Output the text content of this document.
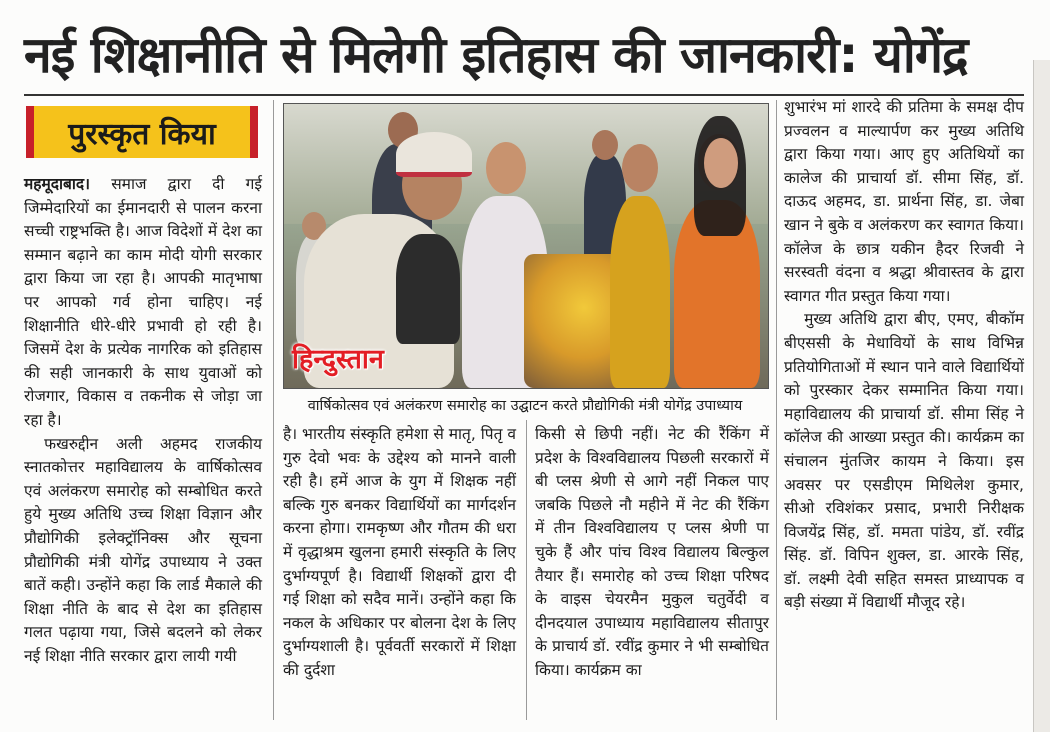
नई शिक्षानीति से मिलेगी इतिहास की जानकारी: योगेंद्र
पुरस्कृत किया

महमूदाबाद। समाज द्वारा दी गई जिम्मेदारियों का ईमानदारी से पालन करना सच्ची राष्ट्रभक्ति है। आज विदेशों में देश का सम्मान बढ़ाने का काम मोदी योगी सरकार द्वारा किया जा रहा है। आपकी मातृभाषा पर आपको गर्व होना चाहिए। नई शिक्षानीति धीरे-धीरे प्रभावी हो रही है। जिसमें देश के प्रत्येक नागरिक को इतिहास की सही जानकारी के साथ युवाओं को रोजगार, विकास व तकनीक से जोड़ा जा रहा है।

फखरुद्दीन अली अहमद राजकीय स्नातकोत्तर महाविद्यालय के वार्षिकोत्सव एवं अलंकरण समारोह को सम्बोधित करते हुये मुख्य अतिथि उच्च शिक्षा विज्ञान और प्रौद्योगिकी इलेक्ट्रॉनिक्स और सूचना प्रौद्योगिकी मंत्री योगेंद्र उपाध्याय ने उक्त बातें कही। उन्होंने कहा कि लार्ड मैकाले की शिक्षा नीति के बाद से देश का इतिहास गलत पढ़ाया गया, जिसे बदलने को लेकर नई शिक्षा नीति सरकार द्वारा लायी गयी

हिन्दुस्तान
वार्षिकोत्सव एवं अलंकरण समारोह का उद्घाटन करते प्रौद्योगिकी मंत्री योगेंद्र उपाध्याय

है। भारतीय संस्कृति हमेशा से मातृ, पितृ व गुरु देवो भवः के उद्देश्य को मानने वाली रही है। हमें आज के युग में शिक्षक नहीं बल्कि गुरु बनकर विद्यार्थियों का मार्गदर्शन करना होगा। रामकृष्ण और गौतम की धरा में वृद्धाश्रम खुलना हमारी संस्कृति के लिए दुर्भाग्यपूर्ण है। विद्यार्थी शिक्षकों द्वारा दी गई शिक्षा को सदैव मानें। उन्होंने कहा कि नकल के अधिकार पर बोलना देश के लिए दुर्भाग्यशाली है। पूर्ववर्ती सरकारों में शिक्षा की दुर्दशा

किसी से छिपी नहीं। नेट की रैंकिंग में प्रदेश के विश्वविद्यालय पिछली सरकारों में बी प्लस श्रेणी से आगे नहीं निकल पाए जबकि पिछले नौ महीने में नेट की रैंकिंग में तीन विश्वविद्यालय ए प्लस श्रेणी पा चुके हैं और पांच विश्व विद्यालय बिल्कुल तैयार हैं। समारोह को उच्च शिक्षा परिषद के वाइस चेयरमैन मुकुल चतुर्वेदी व दीनदयाल उपाध्याय महाविद्यालय सीतापुर के प्राचार्य डॉ. रवींद्र कुमार ने भी सम्बोधित किया। कार्यक्रम का

शुभारंभ मां शारदे की प्रतिमा के समक्ष दीप प्रज्वलन व माल्यार्पण कर मुख्य अतिथि द्वारा किया गया। आए हुए अतिथियों का कालेज की प्राचार्या डॉ. सीमा सिंह, डॉ. दाऊद अहमद, डा. प्रार्थना सिंह, डा. जेबा खान ने बुके व अलंकरण कर स्वागत किया। कॉलेज के छात्र यकीन हैदर रिजवी ने सरस्वती वंदना व श्रद्धा श्रीवास्तव के द्वारा स्वागत गीत प्रस्तुत किया गया।

मुख्य अतिथि द्वारा बीए, एमए, बीकॉम बीएससी के मेधावियों के साथ विभिन्न प्रतियोगिताओं में स्थान पाने वाले विद्यार्थियों को पुरस्कार देकर सम्मानित किया गया। महाविद्यालय की प्राचार्या डॉ. सीमा सिंह ने कॉलेज की आख्या प्रस्तुत की। कार्यक्रम का संचालन मुंतजिर कायम ने किया। इस अवसर पर एसडीएम मिथिलेश कुमार, सीओ रविशंकर प्रसाद, प्रभारी निरीक्षक विजयेंद्र सिंह, डॉ. ममता पांडेय, डॉ. रवींद्र सिंह. डॉ. विपिन शुक्ल, डा. आरके सिंह, डॉ. लक्ष्मी देवी सहित समस्त प्राध्यापक व बड़ी संख्या में विद्यार्थी मौजूद रहे।
